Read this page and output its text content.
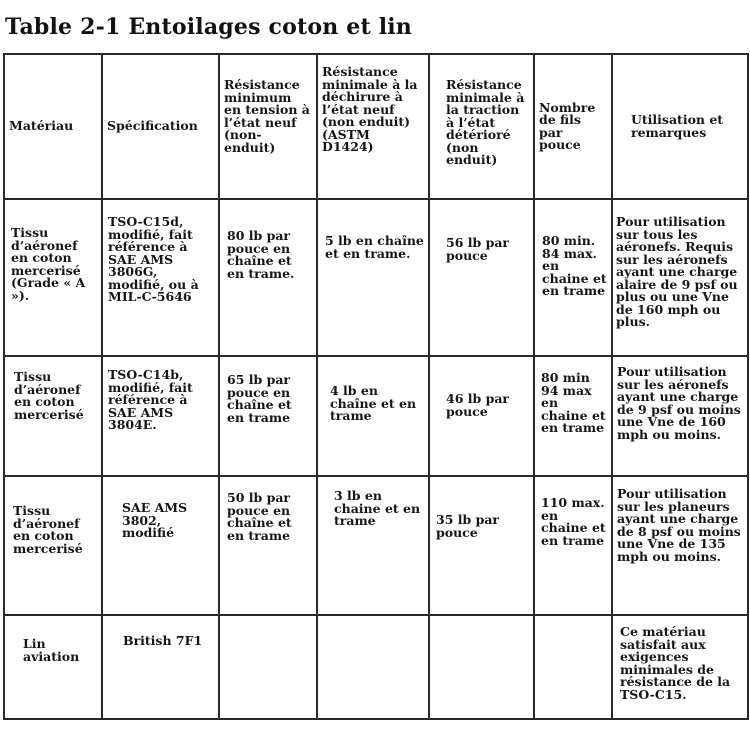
Table 2-1 Entoilages coton et lin
Matériau	Spécification	Résistance minimum en tension à l’état neuf (non-enduit)	Résistance minimale à la déchirure à l’état neuf (non enduit) (ASTM D1424)	Résistance minimale à la traction à l’état détérioré (non enduit)	Nombre de fils par pouce	Utilisation et remarques

Tissu d’aéronef en coton mercerisé (Grade « A »).	TSO-C15d, modifié, fait référence à SAE AMS 3806G, modifié, ou à MIL-C-5646	80 lb par pouce en chaîne et en trame.	5 lb en chaîne et en trame.	56 lb par pouce	80 min. 84 max. en chaine et en trame	Pour utilisation sur tous les aéronefs. Requis sur les aéronefs ayant une charge alaire de 9 psf ou plus ou une Vne de 160 mph ou plus.

Tissu d’aéronef en coton mercerisé	TSO-C14b, modifié, fait référence à SAE AMS 3804E.	65 lb par pouce en chaîne et en trame	4 lb en chaîne et en trame	46 lb par pouce	80 min 94 max en chaine et en trame	Pour utilisation sur les aéronefs ayant une charge de 9 psf ou moins une Vne de 160 mph ou moins.

Tissu d’aéronef en coton mercerisé	SAE AMS 3802, modifié	50 lb par pouce en chaîne et en trame	3 lb en chaine et en trame	35 lb par pouce	110 max. en chaine et en trame	Pour utilisation sur les planeurs ayant une charge de 8 psf ou moins une Vne de 135 mph ou moins.

Lin aviation	British 7F1					Ce matériau satisfait aux exigences minimales de résistance de la TSO-C15.
